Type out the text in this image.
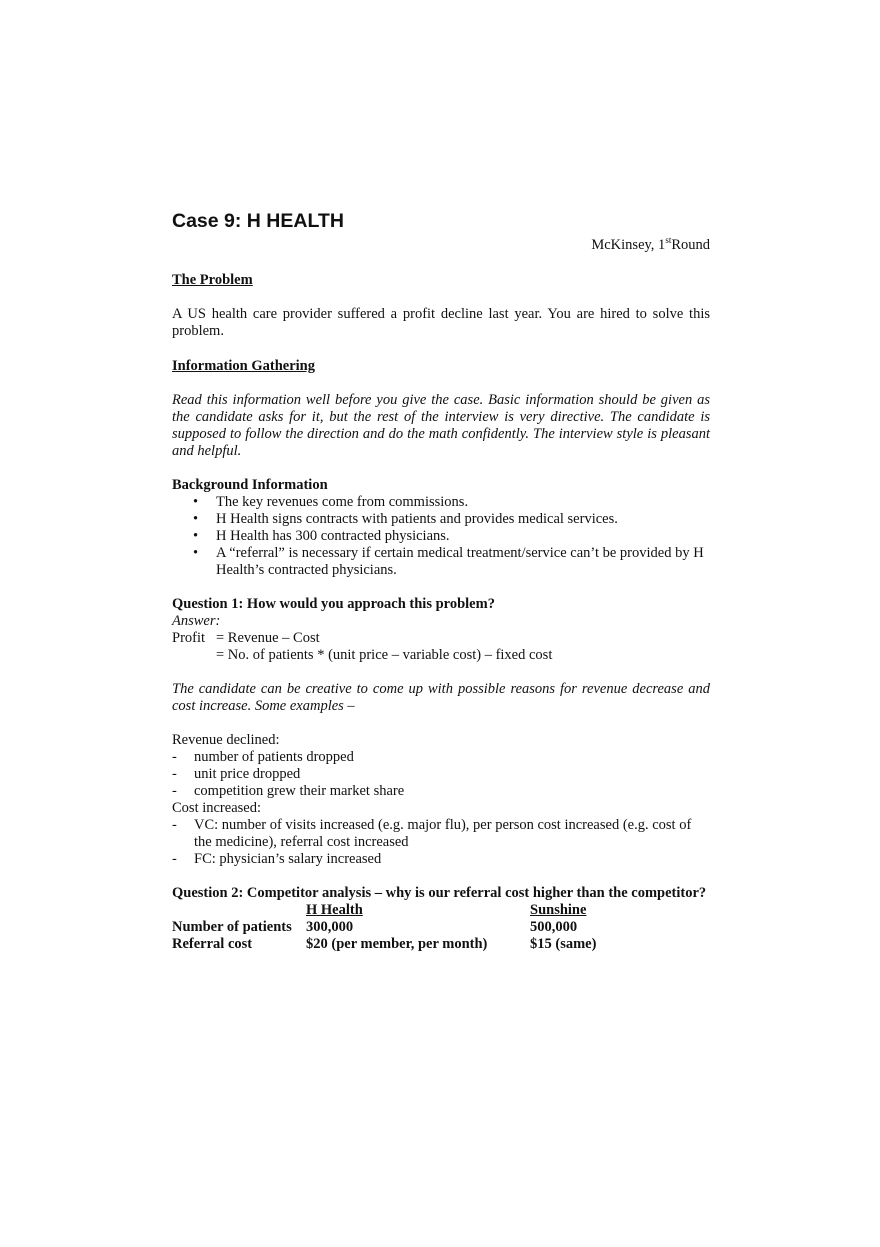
Case 9: H HEALTH
McKinsey, 1stRound
The Problem
A US health care provider suffered a profit decline last year. You are hired to solve this problem.
Information Gathering
Read this information well before you give the case. Basic information should be given as the candidate asks for it, but the rest of the interview is very directive. The candidate is supposed to follow the direction and do the math confidently. The interview style is pleasant and helpful.
Background Information
• The key revenues come from commissions.
• H Health signs contracts with patients and provides medical services.
• H Health has 300 contracted physicians.
• A “referral” is necessary if certain medical treatment/service can’t be provided by H Health’s contracted physicians.
Question 1: How would you approach this problem?
Answer:
Profit = Revenue – Cost
= No. of patients * (unit price – variable cost) – fixed cost
The candidate can be creative to come up with possible reasons for revenue decrease and cost increase. Some examples –
Revenue declined:
- number of patients dropped
- unit price dropped
- competition grew their market share
Cost increased:
- VC: number of visits increased (e.g. major flu), per person cost increased (e.g. cost of the medicine), referral cost increased
- FC: physician’s salary increased
Question 2: Competitor analysis – why is our referral cost higher than the competitor?
	H Health	Sunshine
Number of patients	300,000	500,000
Referral cost	$20 (per member, per month)	$15 (same)
